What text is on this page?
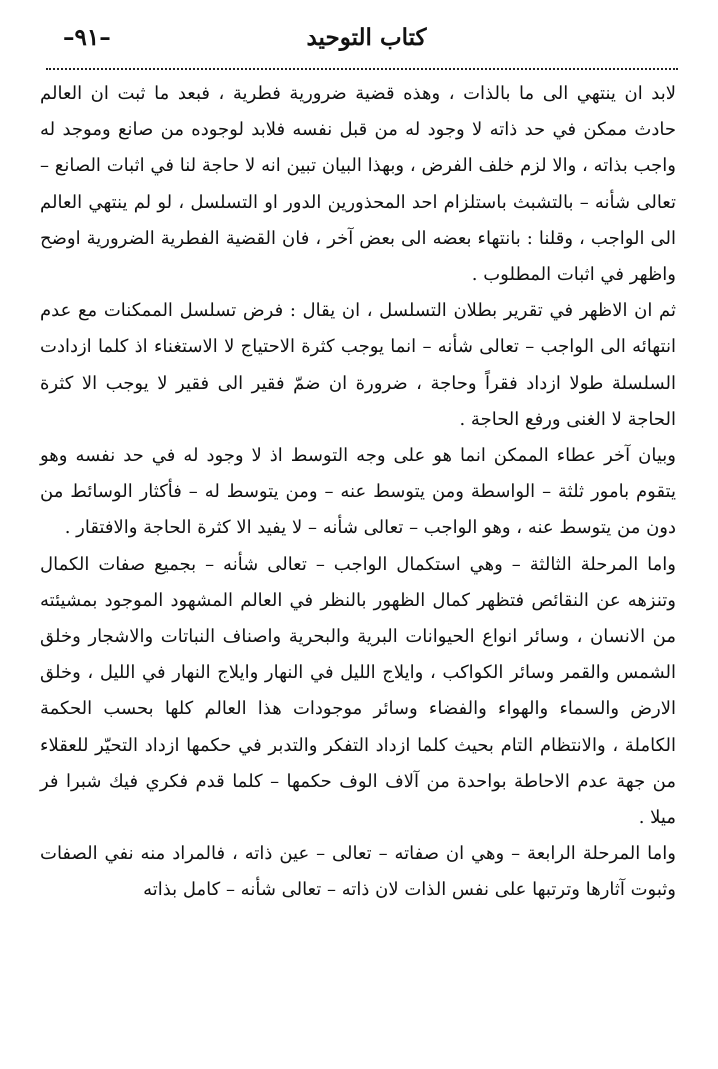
–٩١–	كتاب التوحيد

لابد ان ينتهي الى ما بالذات ، وهذه قضية ضرورية فطرية ، فبعد ما ثبت ان العالم حادث ممكن في حد ذاته لا وجود له من قبل نفسه فلابد لوجوده من صانع وموجد له واجب بذاته ، والا لزم خلف الفرض ، وبهذا البيان تبين انه لا حاجة لنا في اثبات الصانع – تعالى شأنه – بالتشبث باستلزام احد المحذورين الدور او التسلسل ، لو لم ينتهي العالم الى الواجب ، وقلنا : بانتهاء بعضه الى بعض آخر ، فان القضية الفطرية الضرورية اوضح واظهر في اثبات المطلوب .

ثم ان الاظهر في تقرير بطلان التسلسل ، ان يقال : فرض تسلسل الممكنات مع عدم انتهائه الى الواجب – تعالى شأنه – انما يوجب كثرة الاحتياج لا الاستغناء اذ كلما ازدادت السلسلة طولا ازداد فقراً وحاجة ، ضرورة ان ضمّ فقير الى فقير لا يوجب الا كثرة الحاجة لا الغنى ورفع الحاجة .

وبيان آخر عطاء الممكن انما هو على وجه التوسط اذ لا وجود له في حد نفسه وهو يتقوم بامور ثلثة – الواسطة ومن يتوسط عنه – ومن يتوسط له – فأكثار الوسائط من دون من يتوسط عنه ، وهو الواجب – تعالى شأنه – لا يفيد الا كثرة الحاجة والافتقار .

واما المرحلة الثالثة – وهي استكمال الواجب – تعالى شأنه – بجميع صفات الكمال وتنزهه عن النقائص فتظهر كمال الظهور بالنظر في العالم المشهود الموجود بمشيئته من الانسان ، وسائر انواع الحيوانات البرية والبحرية واصناف النباتات والاشجار وخلق الشمس والقمر وسائر الكواكب ، وايلاج الليل في النهار وايلاج النهار في الليل ، وخلق الارض والسماء والهواء والفضاء وسائر موجودات هذا العالم كلها بحسب الحكمة الكاملة ، والانتظام التام بحيث كلما ازداد التفكر والتدبر في حكمها ازداد التحيّر للعقلاء من جهة عدم الاحاطة بواحدة من آلاف الوف حكمها – كلما قدم فكري فيك شبرا فر ميلا .

واما المرحلة الرابعة – وهي ان صفاته – تعالى – عين ذاته ، فالمراد منه نفي الصفات وثبوت آثارها وترتبها على نفس الذات لان ذاته – تعالى شأنه – كامل بذاته
